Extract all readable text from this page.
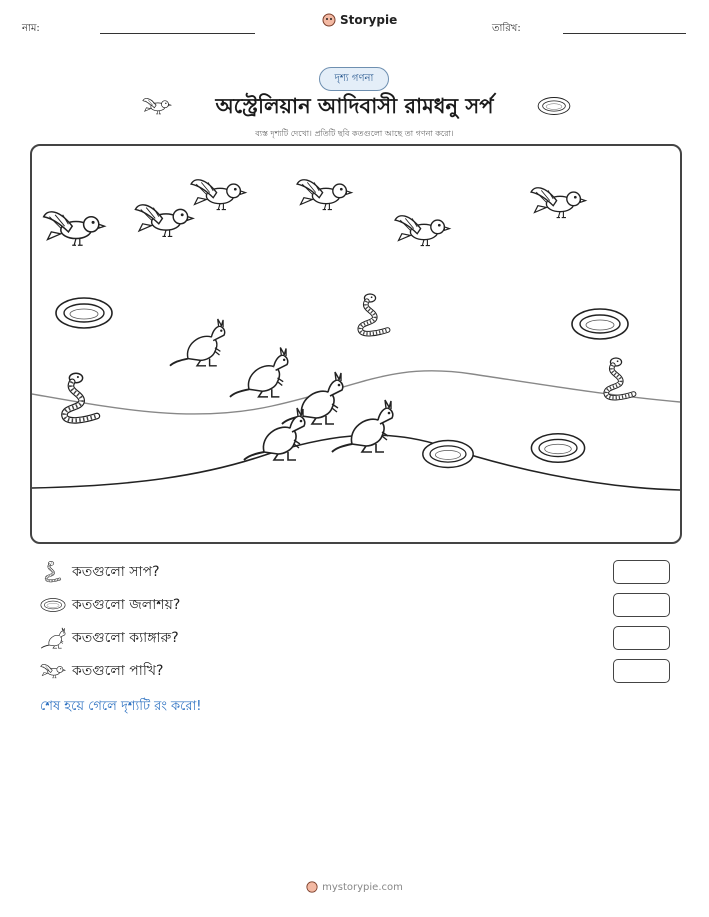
নাম:
Storypie
তারিখ:
দৃশ্য গণনা
অস্ট্রেলিয়ান আদিবাসী রামধনু সর্প
ব্যস্ত দৃশ্যটি দেখো। প্রতিটি ছবি কতগুলো আছে তা গণনা করো।
কতগুলো সাপ?
কতগুলো জলাশয়?
কতগুলো ক্যাঙ্গারু?
কতগুলো পাখি?
শেষ হয়ে গেলে দৃশ্যটি রং করো!
mystorypie.com
